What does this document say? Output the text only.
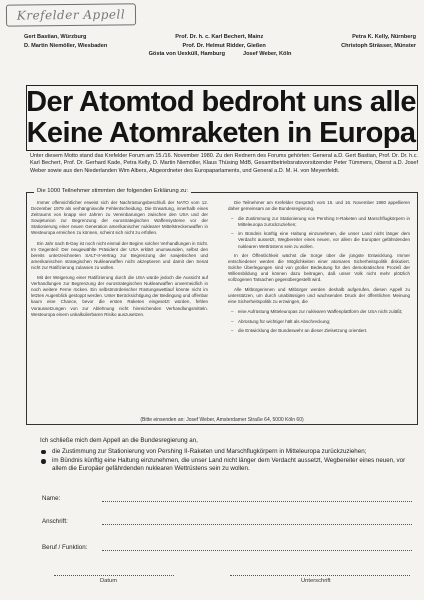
Krefelder Appell
Gert Bastian, Würzburg	Prof. Dr. h. c. Karl Bechert, Mainz	Petra K. Kelly, Nürnberg
D. Martin Niemöller, Wiesbaden	Prof. Dr. Helmut Ridder, Gießen	Christoph Strässer, Münster
Gösta von Uexküll, Hamburg	Josef Weber, Köln
Der Atomtod bedroht uns alle
Keine Atomraketen in Europa
Unter diesem Motto stand das Krefelder Forum am 15./16. November 1980. Zu den Rednern des Forums gehörten: General a.D. Gert Bastian, Prof. Dr. Dr. h.c. Karl Bechert, Prof. Dr. Gerhard Kade, Petra Kelly, D. Martin Niemöller, Klaus Thüsing MdB, Gesamtbetriebsratsvorsitzender Peter Tümmers, Oberst a.D. Josef Weber sowie aus den Niederlanden Wim Albers, Abgeordneter des Europaparlaments, und General a.D. M. H. von Meyenfeldt.
Die 1000 Teilnehmer stimmten der folgenden Erklärung zu:

Immer offensichtlicher erweist sich der Nachrüstungsbeschluß der NATO vom 12. Dezember 1979 als verhängnisvolle Fehlentscheidung. Die Erwartung, innerhalb eines Zeitraums von knapp vier Jahren zu Vereinbarungen zwischen den USA und der Sowjetunion zur Begrenzung der eurostrategischen Waffensysteme vor der Stationierung einer neuen Generation amerikanischer nuklearer Mittelstreckenwaffen in Westeuropa erreichen zu können, scheint sich nicht zu erfüllen.

Ein Jahr nach B-Day ist noch nicht einmal der Beginn solcher Verhandlungen in Sicht. Im Gegenteil: Der neugewählte Präsident der USA erklärt unumwunden, selbst den bereits unterzeichneten SALT-II-Vertrag zur Begrenzung der sowjetischen und amerikanischen strategischen Nuklearwaffen nicht akzeptieren und damit den Senat nicht zur Ratifizierung zulassen zu wollen.

Mit der Weigerung einer Ratifizierung durch die USA würde jedoch die Aussicht auf Verhandlungen zur Begrenzung der eurostrategischen Nuklearwaffen unvermeidlich in noch weitere Ferne rücken. Ein selbstmörderischer Rüstungswettlauf könnte nicht im letzten Augenblick gestoppt werden. Unter Berücksichtigung der Bedingung und offenbar kaum eine Chance, bevor die ersten Raketen eingesetzt würden, fehlen Voraussetzungen von zur Ablehnung nicht hinreichenden Verhandlungsmitteln. Westeuropa einem unkalkulierbaren Risiko auszusetzen.

Die Teilnehmer am Krefelder Gespräch vom 15. und 16. November 1980 appellieren daher gemeinsam an die Bundesregierung,

– die Zustimmung zur Stationierung von Pershing II-Raketen und Marschflugkörpern in Mitteleuropa zurückzuziehen;

– im Bündnis künftig eine Haltung einzunehmen, die unser Land nicht länger dem Verdacht aussetzt, Wegbereiter eines neuen, vor allem die Europäer gefährdenden nuklearen Wettrüstens sein zu wollen.

In der Öffentlichkeit wächst die Sorge über die jüngste Entwicklung. Immer entschiedener werden die Möglichkeiten einer atomaren Sicherheitspolitik diskutiert. Solche Überlegungen sind von großer Bedeutung für den demokratischen Prozeß der Willensbildung und können dazu beitragen, daß unser Volk nicht mehr plötzlich vollzogenen Tatsachen gegenübergestellt wird.

Alle Mitbürgerinnen und Mitbürger werden deshalb aufgerufen, diesen Appell zu unterstützen, um durch unablässigen und wachsenden Druck der öffentlichen Meinung eine Sicherheitspolitik zu erzwingen, die

– eine Aufrüstung Mitteleuropas zur nuklearen Waffenplattform der USA nicht zuläßt;

– Abrüstung für wichtiger hält als Abschreckung;

– die Entwicklung der Bundeswehr an dieser Zielsetzung orientiert.

(Bitte einsenden an: Josef Weber, Amsterdamer Straße 64, 5000 Köln 60)
Ich schließe mich dem Appell an die Bundesregierung an,
die Zustimmung zur Stationierung von Pershing II-Raketen und Marschflugkörpern in Mitteleuropa zurückzuziehen;
im Bündnis künftig eine Haltung einzunehmen, die unser Land nicht länger dem Verdacht aussetzt, Wegbereiter eines neuen, vor allem die Europäer gefährdenden nuklearen Wettrüstens sein zu wollen.
Name:
Anschrift:
Beruf / Funktion:
Datum	Unterschrift
